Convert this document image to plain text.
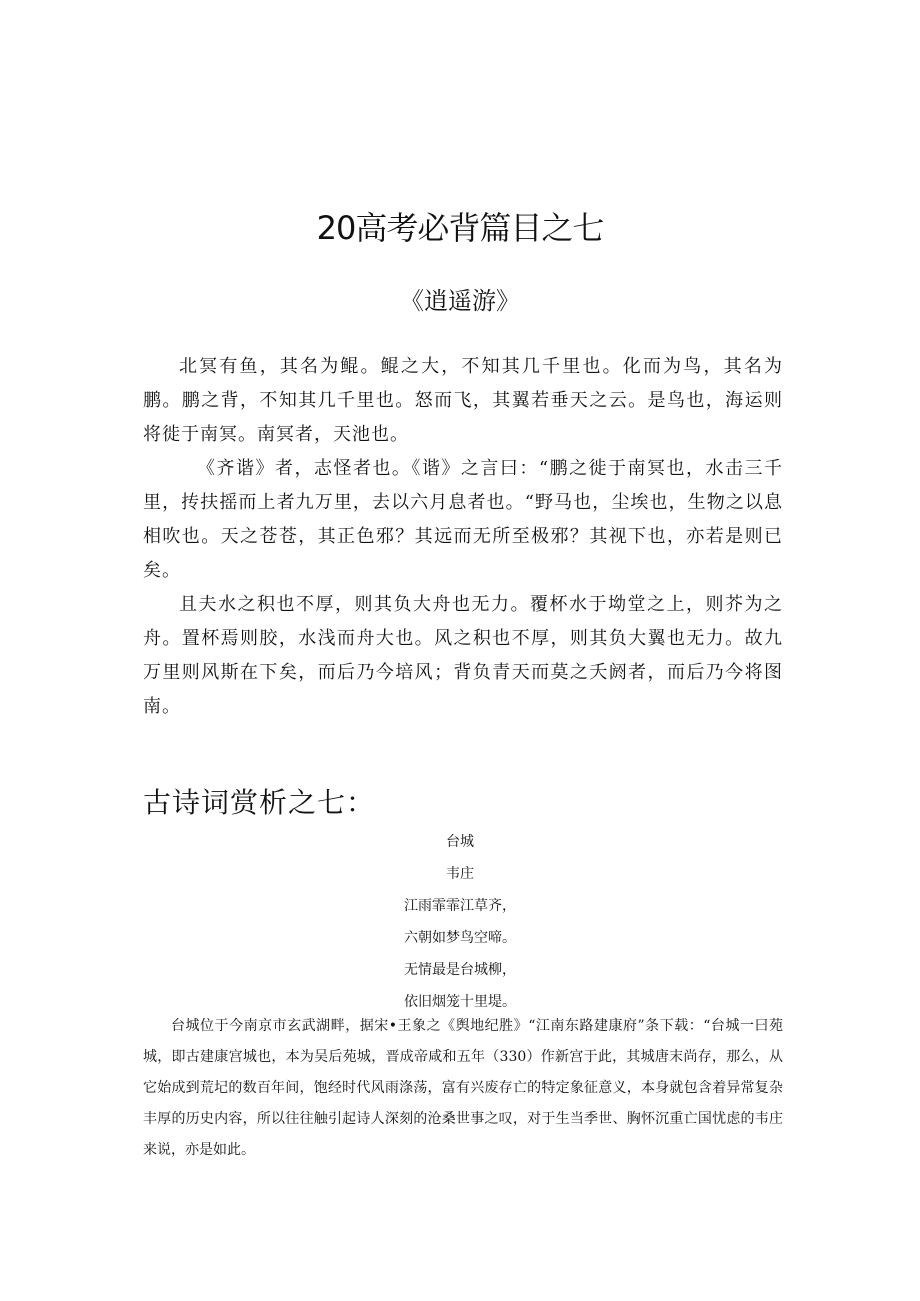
20高考必背篇目之七
《逍遥游》

北冥有鱼，其名为鲲。鲲之大，不知其几千里也。化而为鸟，其名为鹏。鹏之背，不知其几千里也。怒而飞，其翼若垂天之云。是鸟也，海运则将徙于南冥。南冥者，天池也。

《齐谐》者，志怪者也。《谐》之言曰：“鹏之徙于南冥也，水击三千里，抟扶摇而上者九万里，去以六月息者也。“野马也，尘埃也，生物之以息相吹也。天之苍苍，其正色邪？其远而无所至极邪？其视下也，亦若是则已矣。

且夫水之积也不厚，则其负大舟也无力。覆杯水于坳堂之上，则芥为之舟。置杯焉则胶，水浅而舟大也。风之积也不厚，则其负大翼也无力。故九万里则风斯在下矣，而后乃今培风；背负青天而莫之夭阏者，而后乃今将图南。

古诗词赏析之七：
台城
韦庄
江雨霏霏江草齐，
六朝如梦鸟空啼。
无情最是台城柳，
依旧烟笼十里堤。

台城位于今南京市玄武湖畔，据宋•王象之《舆地纪胜》“江南东路建康府”条下载：“台城一曰苑城，即古建康宫城也，本为吴后苑城，晋成帝咸和五年（330）作新宫于此，其城唐末尚存，那么，从它始成到荒圮的数百年间，饱经时代风雨涤荡，富有兴废存亡的特定象征意义，本身就包含着异常复杂丰厚的历史内容，所以往往触引起诗人深刻的沧桑世事之叹，对于生当季世、胸怀沉重亡国忧虑的韦庄来说，亦是如此。
